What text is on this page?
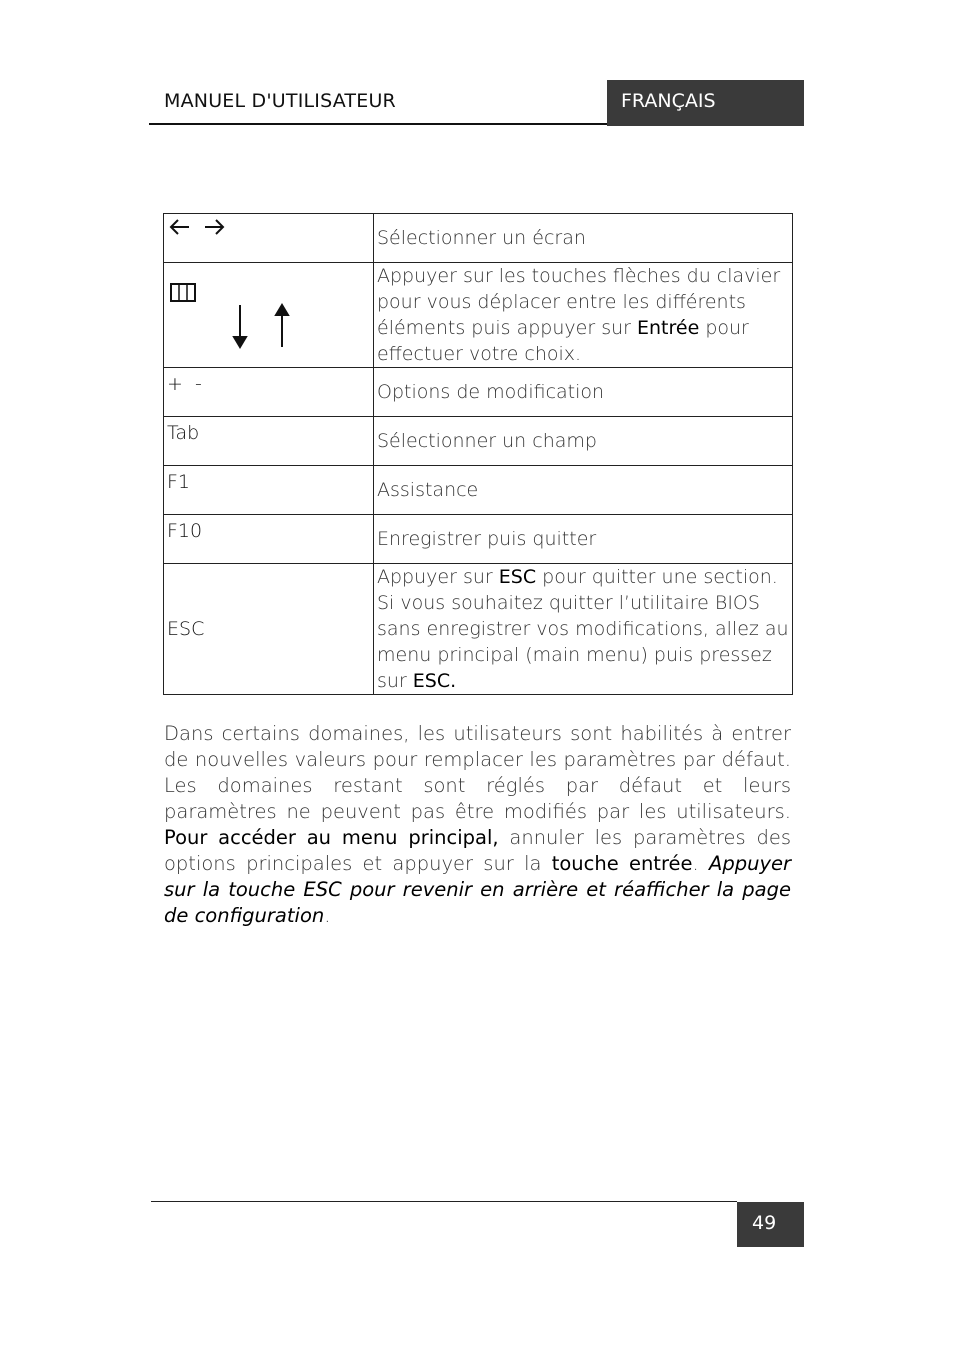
MANUEL D'UTILISATEUR	FRANÇAIS
	Sélectionner un écran

	Appuyer sur les touches flèches du clavier pour vous déplacer entre les différents éléments puis appuyer sur Entrée pour effectuer votre choix.

+  -	Options de modification

Tab	Sélectionner un champ

F1	Assistance

F10	Enregistrer puis quitter
ESC	Appuyer sur ESC pour quitter une section. Si vous souhaitez quitter l’utilitaire BIOS sans enregistrer vos modifications, allez au menu principal (main menu) puis pressez sur ESC.

Dans certains domaines, les utilisateurs sont habilités à entrer de nouvelles valeurs pour remplacer les paramètres par défaut. Les domaines restant sont réglés par défaut et leurs paramètres ne peuvent pas être modifiés par les utilisateurs. Pour accéder au menu principal, annuler les paramètres des options principales et appuyer sur la touche entrée. Appuyer sur la touche ESC pour revenir en arrière et réafficher la page de configuration.

49
